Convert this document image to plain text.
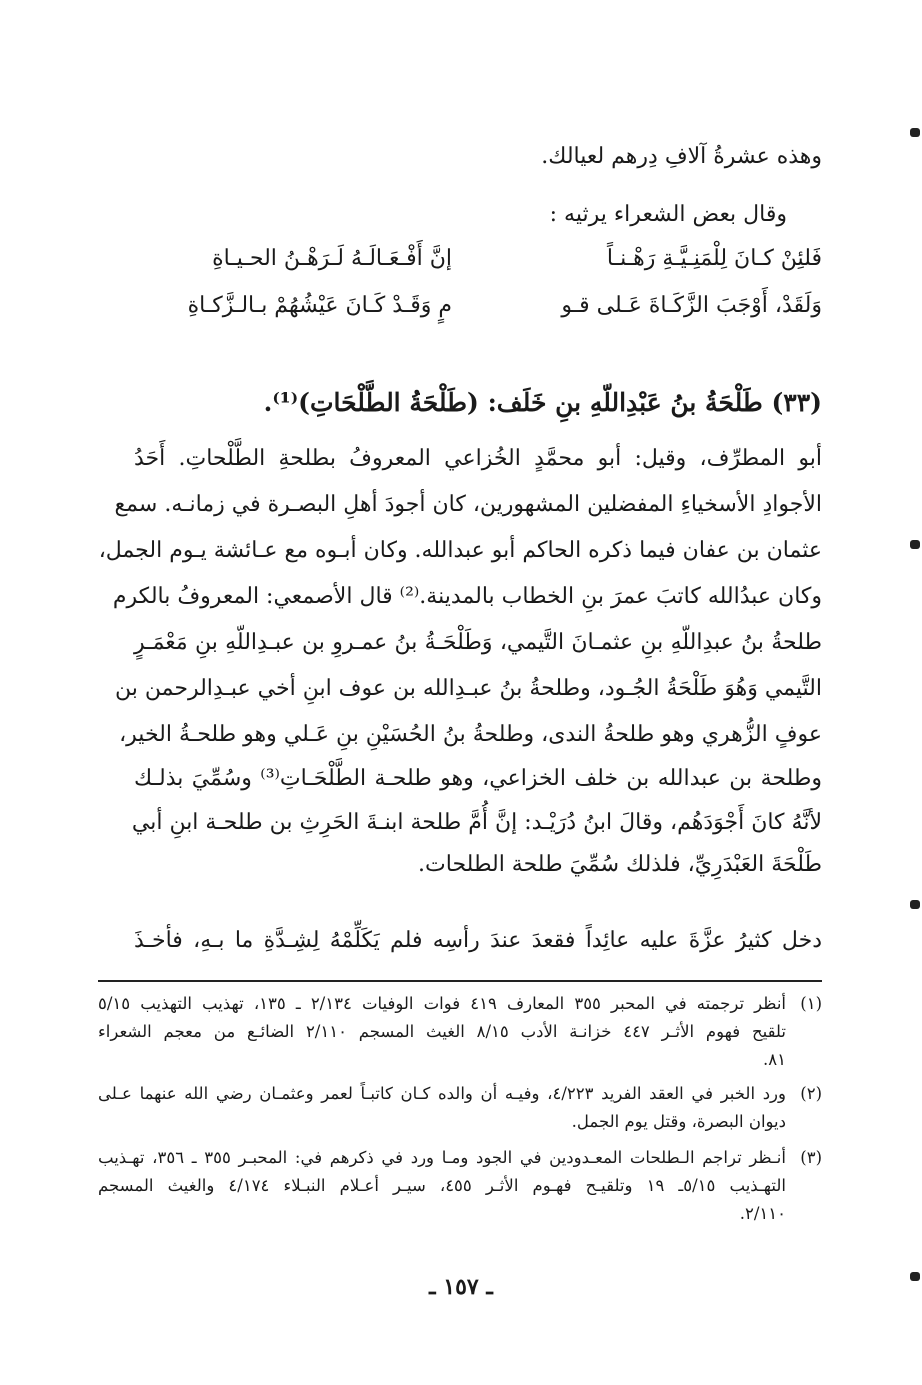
وهذه عشرةُ آلافِ دِرهم لعيالك.
وقال بعض الشعراء يرثيه :
فَلئِنْ كـانَ لِلْمَنِـيَّـةِ رَهْـنـاً
إنَّ أَفْـعَـالَـهُ لَـرَهْـنُ الحـيـاةِ
وَلَقَدْ، أَوْجَبَ الزَّكَـاةَ عَـلى قـو
مٍ وَقَـدْ كَـانَ عَيْشُهُمْ بـالـزَّكـاةِ
(٣٣) طَلْحَةُ بنُ عَبْدِاللّهِ بنِ خَلَف: (طَلْحَةُ الطَّلْحَاتِ)⁽¹⁾.
أبو المطرِّف، وقيل: أبو محمَّدٍ الخُزاعي المعروفُ بطلحةِ الطَّلْحاتِ. أَحَدُ
الأجوادِ الأسخياءِ المفضلين المشهورين، كان أجودَ أهلِ البصـرة في زمانـه. سمع
عثمان بن عفان فيما ذكره الحاكم أبو عبدالله. وكان أبـوه مع عـائشة يـوم الجمل،
وكان عبدُالله كاتبَ عمرَ بنِ الخطاب بالمدينة.⁽²⁾ قال الأصمعي: المعروفُ بالكرم
طلحةُ بنُ عبدِاللّهِ بنِ عثمـانَ التَّيمي، وَطَلْحَـةُ بنُ عمـروِ بن عبـدِاللّهِ بنِ مَعْمَـرٍ
التَّيمي وَهُوَ طَلْحَةُ الجُـود، وطلحةُ بنُ عبـدِالله بن عوف ابنِ أخي عبـدِالرحمن بن
عوفٍ الزُّهري وهو طلحةُ الندى، وطلحةُ بنُ الحُسَيْنِ بنِ عَـلي وهو طلحـةُ الخير،
وطلحة بن عبدالله بن خلف الخزاعي، وهو طلحـة الطَّلْحَـاتِ⁽³⁾ وسُمِّيَ بذلـك
لأنَّهُ كانَ أَجْوَدَهُم، وقالَ ابنُ دُرَيْـد: إنَّ أُمَّ طلحة ابنـةَ الحَرِثِ بن طلحـة ابنِ أبي
طَلْحَةَ العَبْدَرِيِّ، فلذلك سُمِّيَ طلحة الطلحات.
دخل كثيرُ عزَّةَ عليه عائِداً فقعدَ عندَ رأسِه فلم يَكَلِّمْهُ لِشِـدَّةِ ما بـهِ، فأخـذَ
(١)
أنظر ترجمته في المحبر ٣٥٥ المعارف ٤١٩ فوات الوفيات ٢/١٣٤ ـ ١٣٥، تهذيب التهذيب ٥/١٥
تلقيح فهوم الأثـر ٤٤٧ خزانـة الأدب ٨/١٥ الغيث المسجم ٢/١١٠ الضائـع من معجم الشعراء
٨١.
(٢)
ورد الخبر في العقد الفريد ٤/٢٢٣، وفيـه أن والده كـان كاتبـاً لعمر وعثمـان رضي الله عنهما عـلى
ديوان البصرة، وقتل يوم الجمل.
(٣)
أنـظر تراجم الـطلحات المعـدودين في الجود ومـا ورد في ذكرهم في: المحبـر ٣٥٥ ـ ٣٥٦، تهـذيب
التهـذيب ٥/١٥ـ ١٩ وتلقيـح فهـوم الأثـر ٤٥٥، سيـر أعـلام النبـلاء ٤/١٧٤ والغيث المسجم
٢/١١٠.
ـ ١٥٧ ـ
